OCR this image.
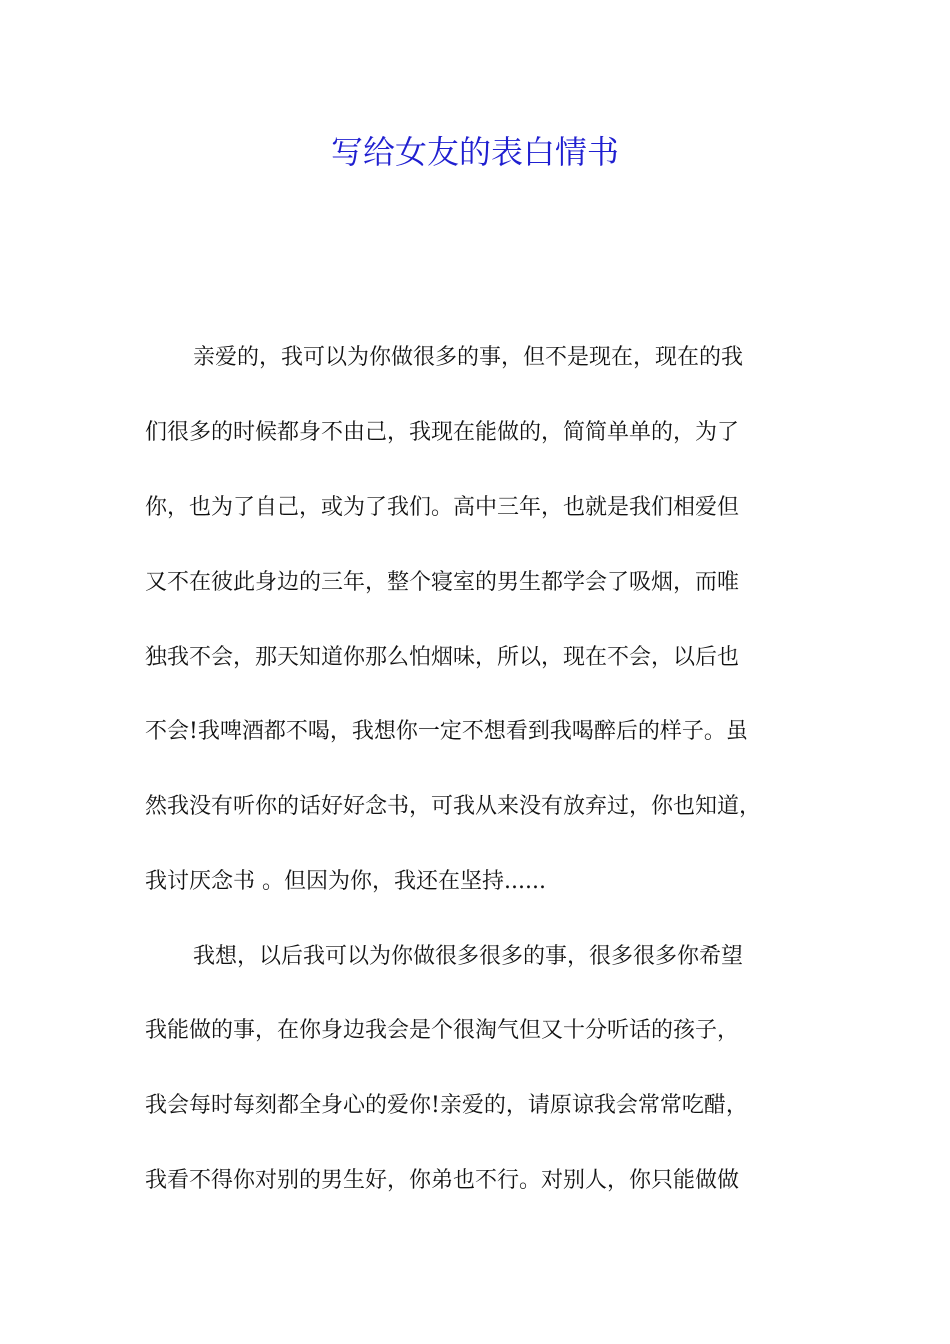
写给女友的表白情书

亲爱的，我可以为你做很多的事，但不是现在，现在的我

们很多的时候都身不由己，我现在能做的，简简单单的，为了

你，也为了自己，或为了我们。高中三年，也就是我们相爱但

又不在彼此身边的三年，整个寝室的男生都学会了吸烟，而唯

独我不会，那天知道你那么怕烟味，所以，现在不会，以后也

不会!我啤酒都不喝，我想你一定不想看到我喝醉后的样子。虽

然我没有听你的话好好念书，可我从来没有放弃过，你也知道，

我讨厌念书 。但因为你，我还在坚持......

我想，以后我可以为你做很多很多的事，很多很多你希望

我能做的事，在你身边我会是个很淘气但又十分听话的孩子，

我会每时每刻都全身心的爱你!亲爱的，请原谅我会常常吃醋，

我看不得你对别的男生好，你弟也不行。对别人，你只能做做
